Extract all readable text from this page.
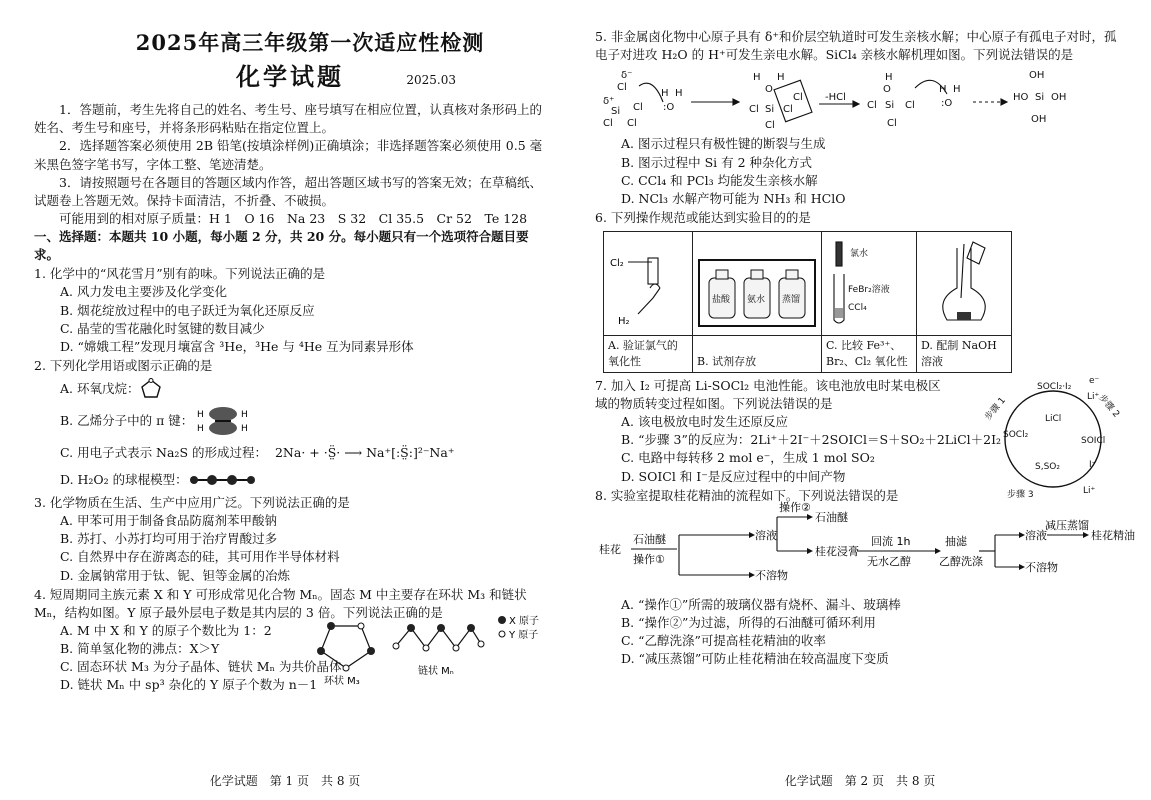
2025年高三年级第一次适应性检测
化学试题	2025.03

1．答题前，考生先将自己的姓名、考生号、座号填写在相应位置，认真核对条形码上的姓名、考生号和座号，并将条形码粘贴在指定位置上。

2．选择题答案必须使用 2B 铅笔(按填涂样例)正确填涂；非选择题答案必须使用 0.5 毫米黑色签字笔书写，字体工整、笔迹清楚。

3．请按照题号在各题目的答题区域内作答，超出答题区域书写的答案无效；在草稿纸、试题卷上答题无效。保持卡面清洁，不折叠、不破损。

可能用到的相对原子质量：H 1　O 16　Na 23　S 32　Cl 35.5　Cr 52　Te 128

一、选择题：本题共 10 小题，每小题 2 分，共 20 分。每小题只有一个选项符合题目要求。

1. 化学中的“风花雪月”别有韵味。下列说法正确的是

A. 风力发电主要涉及化学变化

B. 烟花绽放过程中的电子跃迁为氧化还原反应

C. 晶莹的雪花融化时氢键的数目减少

D. “嫦娥工程”发现月壤富含 ³He，³He 与 ⁴He 互为同素异形体

2. 下列化学用语或图示正确的是

A. 环氧戊烷：
B. 乙烯分子中的 π 键： H
H
H
H
C. 用电子式表示 Na₂S 的形成过程： 2Na· + ·S̤̈· ⟶ Na⁺[:S̤̈:]²⁻Na⁺
D. H₂O₂ 的球棍模型：

3. 化学物质在生活、生产中应用广泛。下列说法正确的是

A. 甲苯可用于制备食品防腐剂苯甲酸钠

B. 苏打、小苏打均可用于治疗胃酸过多

C. 自然界中存在游离态的硅，其可用作半导体材料

D. 金属钠常用于钛、铌、钽等金属的冶炼

4. 短周期同主族元素 X 和 Y 可形成常见化合物 Mₙ。固态 M 中主要存在环状 M₃ 和链状 Mₙ，结构如图。Y 原子最外层电子数是其内层的 3 倍。下列说法正确的是

A. M 中 X 和 Y 的原子个数比为 1：2

B. 简单氢化物的沸点：X＞Y

C. 固态环状 M₃ 为分子晶体、链状 Mₙ 为共价晶体

D. 链状 Mₙ 中 sp³ 杂化的 Y 原子个数为 n－1

X 原子
Y 原子
环状 M₃
链状 Mₙ
化学试题　第 1 页　共 8 页

5. 非金属卤化物中心原子具有 δ⁺和价层空轨道时可发生亲核水解；中心原子有孤电子对时，孤电子对进攻 H₂O 的 H⁺可发生亲电水解。SiCl₄ 亲核水解机理如图。下列说法错误的是

δ⁻
Cl
δ⁺
Si
Cl Cl
Cl :O
H H
H
O
H
Cl Si Cl
Cl
Cl -HCl
H
O
Cl Si Cl
Cl
:O
H H
OH
HO Si OH
OH

A. 图示过程只有极性键的断裂与生成

B. 图示过程中 Si 有 2 种杂化方式

C. CCl₄ 和 PCl₃ 均能发生亲核水解

D. NCl₃ 水解产物可能为 NH₃ 和 HClO

6. 下列操作规范或能达到实验目的的是

Cl₂
H₂	盐酸 氨水 蒸馏	氯水
FeBr₂溶液
CCl₄

A. 验证氯气的氧化性	B. 试剂存放	C. 比较 Fe³⁺、Br₂、Cl₂ 氧化性	D. 配制 NaOH 溶液

7. 加入 I₂ 可提高 Li-SOCl₂ 电池性能。该电池放电时某电极区域的物质转变过程如图。下列说法错误的是

A. 该电极放电时发生还原反应

B. “步骤 3”的反应为：2Li⁺＋2I⁻＋2SOICl＝S＋SO₂＋2LiCl＋2I₂

C. 电路中每转移 2 mol e⁻，生成 1 mol SO₂

D. SOICl 和 I⁻是反应过程中的中间产物

步骤 1	步骤 2
步骤 3
SOCl₂·I₂
e⁻
Li⁺
SOCl₂
LiCl
SOICl
I⁻
S,SO₂
Li⁺

8. 实验室提取桂花精油的流程如下。下列说法错误的是

桂花
石油醚
操作①
溶液
操作②
石油醚
桂花浸膏
回流 1h
无水乙醇
抽滤
乙醇洗涤
溶液
减压蒸馏
桂花精油
不溶物
不溶物

A. “操作①”所需的玻璃仪器有烧杯、漏斗、玻璃棒

B. “操作②”为过滤，所得的石油醚可循环利用

C. “乙醇洗涤”可提高桂花精油的收率

D. “减压蒸馏”可防止桂花精油在较高温度下变质

化学试题　第 2 页　共 8 页
